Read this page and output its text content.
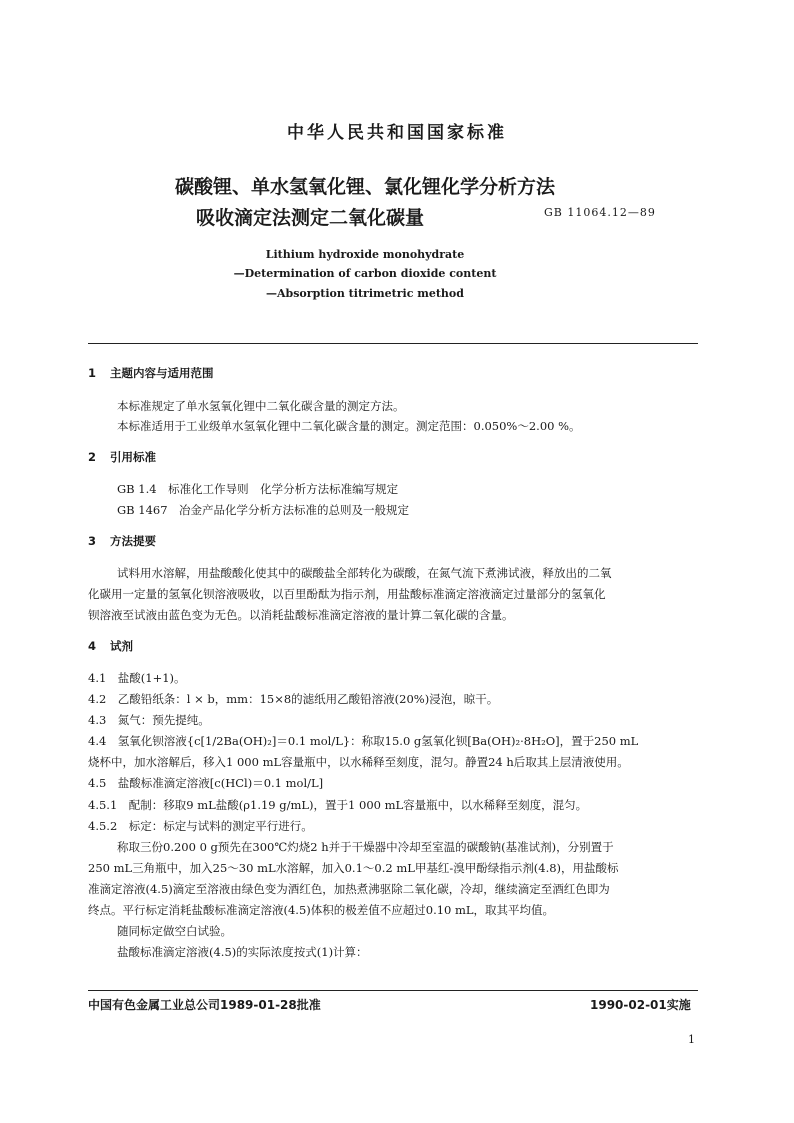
中华人民共和国国家标准
碳酸锂、单水氢氧化锂、氯化锂化学分析方法
吸收滴定法测定二氧化碳量	GB 11064.12—89
Lithium hydroxide monohydrate
—Determination of carbon dioxide content
—Absorption titrimetric method
1 主题内容与适用范围
本标准规定了单水氢氧化锂中二氧化碳含量的测定方法。
本标准适用于工业级单水氢氧化锂中二氧化碳含量的测定。测定范围：0.050%～2.00 %。
2 引用标准
GB 1.4　标准化工作导则　化学分析方法标准编写规定
GB 1467　冶金产品化学分析方法标准的总则及一般规定
3 方法提要
试料用水溶解，用盐酸酸化使其中的碳酸盐全部转化为碳酸，在氮气流下煮沸试液，释放出的二氧
化碳用一定量的氢氧化钡溶液吸收，以百里酚酞为指示剂，用盐酸标准滴定溶液滴定过量部分的氢氧化
钡溶液至试液由蓝色变为无色。以消耗盐酸标准滴定溶液的量计算二氧化碳的含量。
4 试剂
4.1　盐酸(1+1)。
4.2　乙酸铅纸条：l × b，mm：15×8的滤纸用乙酸铅溶液(20%)浸泡，晾干。
4.3　氮气：预先提纯。
4.4　氢氧化钡溶液{c[1/2Ba(OH)₂]＝0.1 mol/L}：称取15.0 g氢氧化钡[Ba(OH)₂·8H₂O]，置于250 mL
烧杯中，加水溶解后，移入1 000 mL容量瓶中，以水稀释至刻度，混匀。静置24 h后取其上层清液使用。
4.5　盐酸标准滴定溶液[c(HCl)＝0.1 mol/L]
4.5.1　配制：移取9 mL盐酸(ρ1.19 g/mL)，置于1 000 mL容量瓶中，以水稀释至刻度，混匀。
4.5.2　标定：标定与试料的测定平行进行。
称取三份0.200 0 g预先在300℃灼烧2 h并于干燥器中冷却至室温的碳酸钠(基准试剂)，分别置于
250 mL三角瓶中，加入25～30 mL水溶解，加入0.1～0.2 mL甲基红-溴甲酚绿指示剂(4.8)，用盐酸标
准滴定溶液(4.5)滴定至溶液由绿色变为酒红色，加热煮沸驱除二氧化碳，冷却，继续滴定至酒红色即为
终点。平行标定消耗盐酸标准滴定溶液(4.5)体积的极差值不应超过0.10 mL，取其平均值。
随同标定做空白试验。
盐酸标准滴定溶液(4.5)的实际浓度按式(1)计算：
中国有色金属工业总公司1989-01-28批准	1990-02-01实施
1
